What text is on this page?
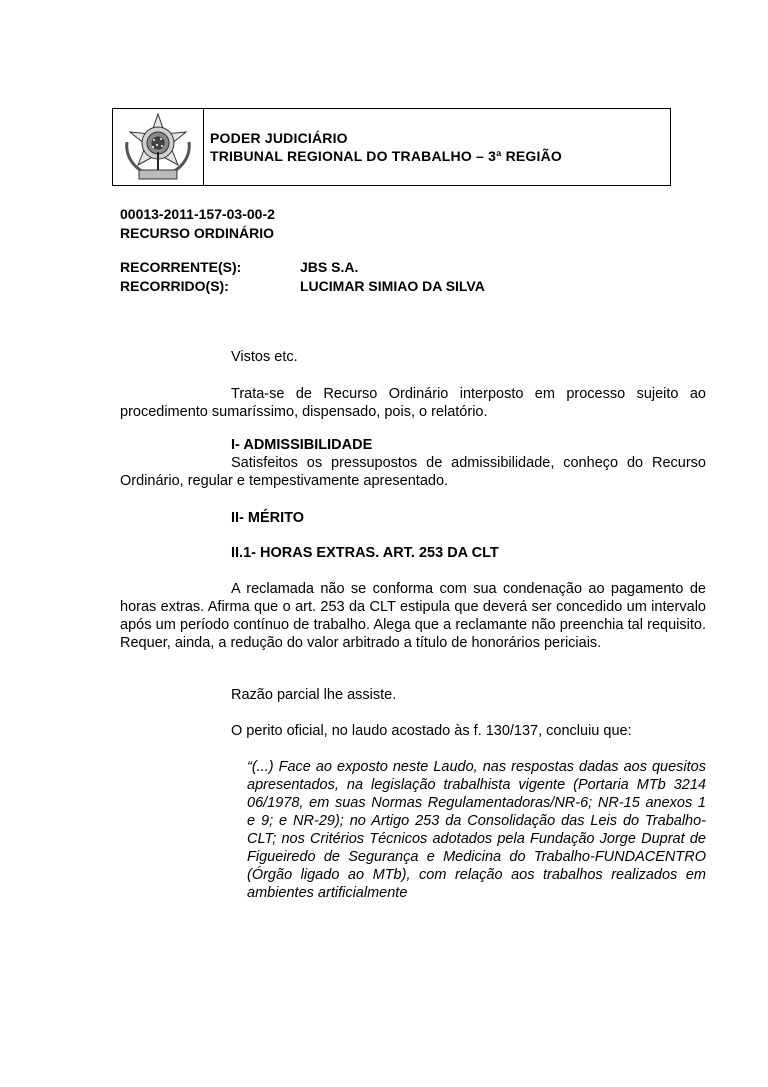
PODER JUDICIÁRIO
TRIBUNAL REGIONAL DO TRABALHO – 3ª REGIÃO
00013-2011-157-03-00-2
RECURSO ORDINÁRIO
RECORRENTE(S):	JBS S.A.
RECORRIDO(S):	LUCIMAR SIMIAO DA SILVA

Vistos etc.

Trata-se de Recurso Ordinário interposto em processo sujeito ao procedimento sumaríssimo, dispensado, pois, o relatório.

I- ADMISSIBILIDADE

Satisfeitos os pressupostos de admissibilidade, conheço do Recurso Ordinário, regular e tempestivamente apresentado.

II- MÉRITO

II.1- HORAS EXTRAS. ART. 253 DA CLT

A reclamada não se conforma com sua condenação ao pagamento de horas extras. Afirma que o art. 253 da CLT estipula que deverá ser concedido um intervalo após um período contínuo de trabalho. Alega que a reclamante não preenchia tal requisito. Requer, ainda, a redução do valor arbitrado a título de honorários periciais.

Razão parcial lhe assiste.

O perito oficial, no laudo acostado às f. 130/137, concluiu que:

“(...) Face ao exposto neste Laudo, nas respostas dadas aos quesitos apresentados, na legislação trabalhista vigente (Portaria MTb 3214 06/1978, em suas Normas Regulamentadoras/NR-6; NR-15 anexos 1 e 9; e NR-29); no Artigo 253 da Consolidação das Leis do Trabalho-CLT; nos Critérios Técnicos adotados pela Fundação Jorge Duprat de Figueiredo de Segurança e Medicina do Trabalho-FUNDACENTRO (Órgão ligado ao MTb), com relação aos trabalhos realizados em ambientes artificialmente
